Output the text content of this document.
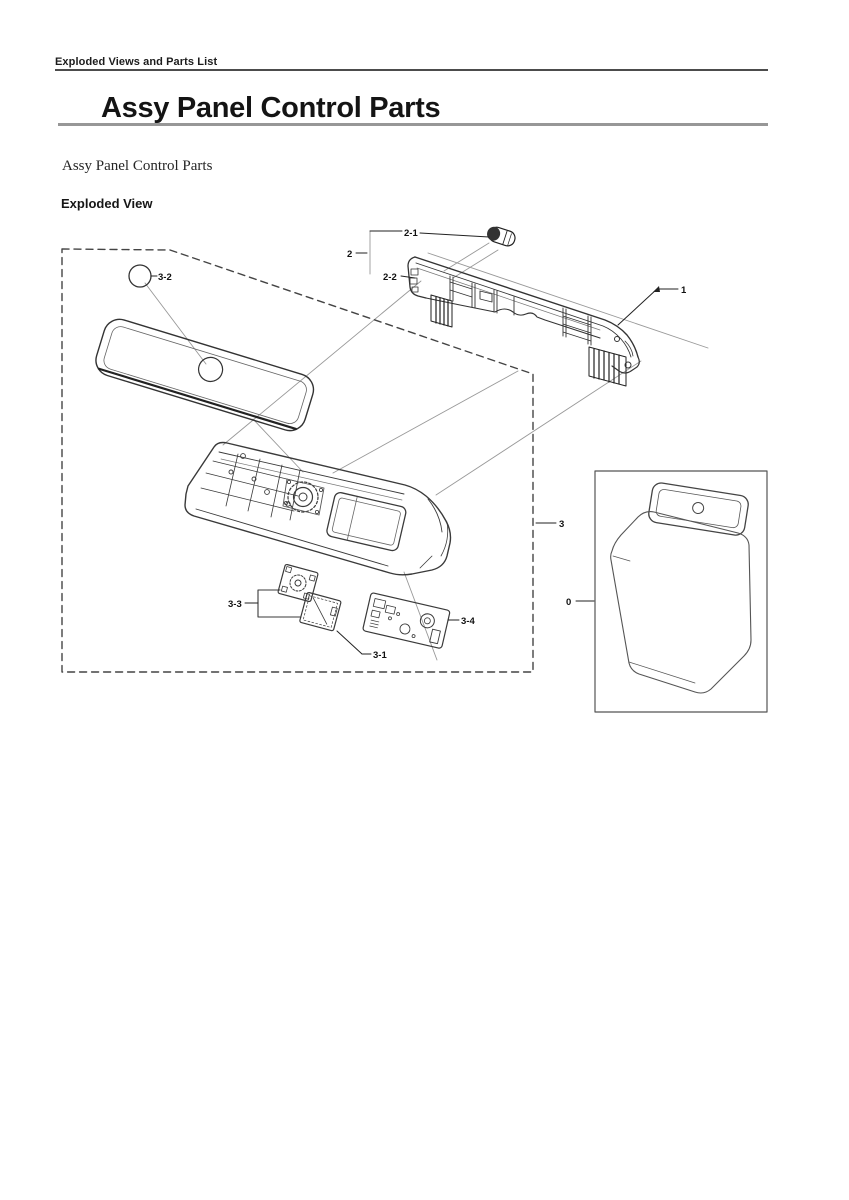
Exploded Views and Parts List
Assy Panel Control Parts
Assy Panel Control Parts
Exploded View
3-2
2
2-1
2-2
1
3
3-3
3-1
3-4
0
